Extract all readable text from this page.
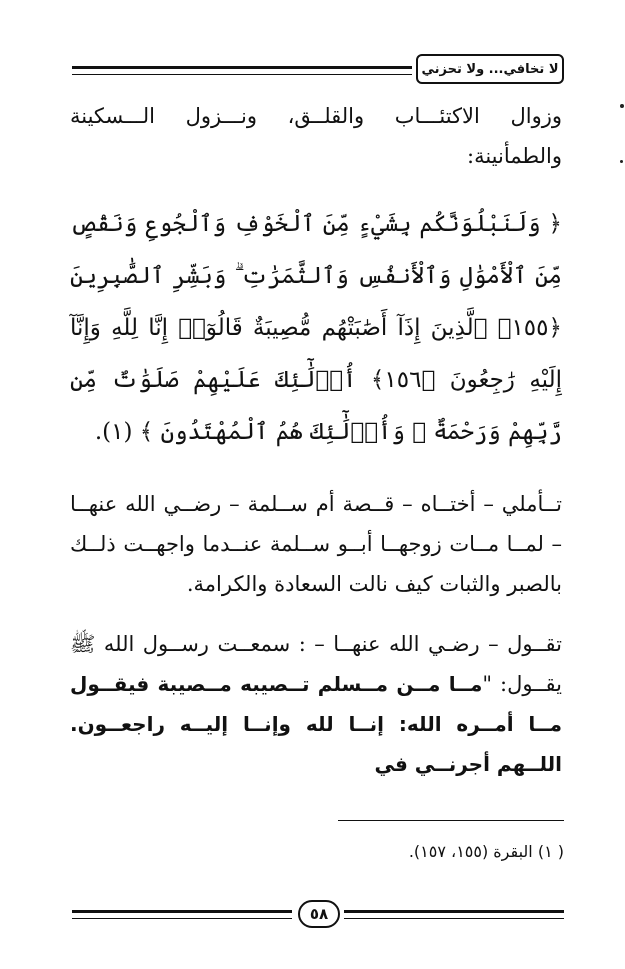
لا تخافي... ولا تحزني

وزوال الاكتئـــاب والقلــق، ونـــزول الـــسكينة والطمأنينة:

﴿ وَلَنَبْلُوَنَّكُم بِشَيْءٍ مِّنَ ٱلْخَوْفِ وَٱلْجُوعِ وَنَقْصٍ مِّنَ ٱلْأَمْوَٰلِ وَٱلْأَنفُسِ وَٱلثَّمَرَٰتِ ۗ وَبَشِّرِ ٱلصَّٰبِرِينَ ﴿١٥٥﴾ ٱلَّذِينَ إِذَآ أَصَٰبَتْهُم مُّصِيبَةٌ قَالُوٓا۟ إِنَّا لِلَّهِ وَإِنَّآ إِلَيْهِ رَٰجِعُونَ ﴿١٥٦﴾ أُو۟لَٰٓئِكَ عَلَيْهِمْ صَلَوَٰتٌ مِّن رَّبِّهِمْ وَرَحْمَةٌ ۖ وَأُو۟لَٰٓئِكَ هُمُ ٱلْمُهْتَدُونَ ﴾ (١).

تــأملي – أختــاه – قــصة أم ســلمة – رضــي الله عنهــا – لمــا مــات زوجهــا أبــو ســلمة عنــدما واجهــت ذلــك بالصبر والثبات كيف نالت السعادة والكرامة.

تقــول – رضـي الله عنهــا – : سمعــت رســول الله ﷺ يقــول: "مــا مــن مــسلم تــصيبه مــصيبة فيقــول مــا أمــره الله: إنــا لله وإنــا إليــه راجعــون. اللــهم أجرنــي في

( ١) البقرة (١٥٥، ١٥٧).
٥٨
